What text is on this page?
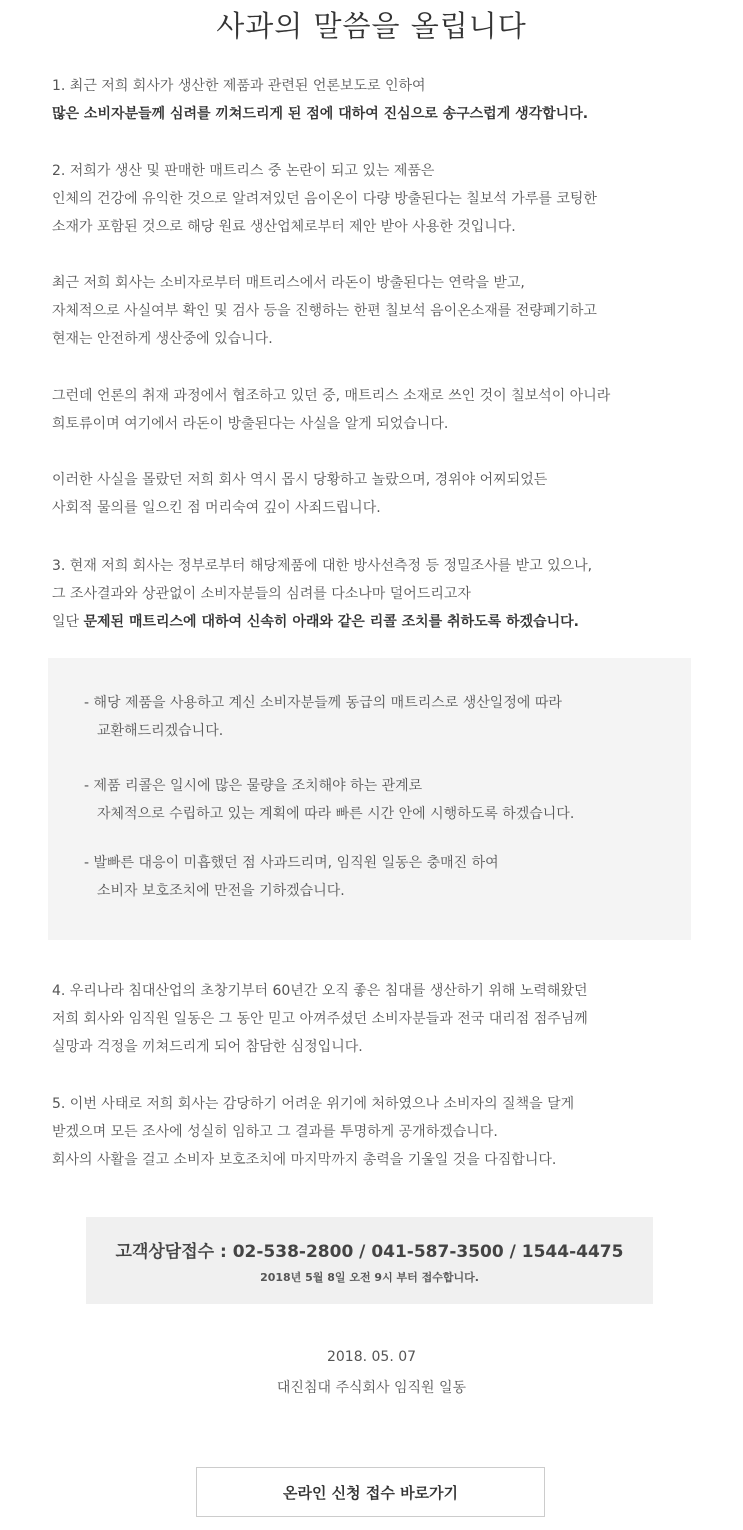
사과의 말씀을 올립니다

1. 최근 저희 회사가 생산한 제품과 관련된 언론보도로 인하여
많은 소비자분들께 심려를 끼쳐드리게 된 점에 대하여 진심으로 송구스럽게 생각합니다.

2. 저희가 생산 및 판매한 매트리스 중 논란이 되고 있는 제품은
인체의 건강에 유익한 것으로 알려져있던 음이온이 다량 방출된다는 칠보석 가루를 코팅한
소재가 포함된 것으로 해당 원료 생산업체로부터 제안 받아 사용한 것입니다.

최근 저희 회사는 소비자로부터 매트리스에서 라돈이 방출된다는 연락을 받고,
자체적으로 사실여부 확인 및 검사 등을 진행하는 한편 칠보석 음이온소재를 전량폐기하고
현재는 안전하게 생산중에 있습니다.

그런데 언론의 취재 과정에서 협조하고 있던 중, 매트리스 소재로 쓰인 것이 칠보석이 아니라
희토류이며 여기에서 라돈이 방출된다는 사실을 알게 되었습니다.

이러한 사실을 몰랐던 저희 회사 역시 몹시 당황하고 놀랐으며, 경위야 어찌되었든
사회적 물의를 일으킨 점 머리숙여 깊이 사죄드립니다.

3. 현재 저희 회사는 정부로부터 해당제품에 대한 방사선측정 등 정밀조사를 받고 있으나,
그 조사결과와 상관없이 소비자분들의 심려를 다소나마 덜어드리고자
일단 문제된 매트리스에 대하여 신속히 아래와 같은 리콜 조치를 취하도록 하겠습니다.

- 해당 제품을 사용하고 계신 소비자분들께 동급의 매트리스로 생산일정에 따라
교환해드리겠습니다.

- 제품 리콜은 일시에 많은 물량을 조치해야 하는 관계로
자체적으로 수립하고 있는 계획에 따라 빠른 시간 안에 시행하도록 하겠습니다.

- 발빠른 대응이 미흡했던 점 사과드리며, 임직원 일동은 충매진 하여
소비자 보호조치에 만전을 기하겠습니다.

4. 우리나라 침대산업의 초창기부터 60년간 오직 좋은 침대를 생산하기 위해 노력해왔던
저희 회사와 임직원 일동은 그 동안 믿고 아껴주셨던 소비자분들과 전국 대리점 점주님께
실망과 걱정을 끼쳐드리게 되어 참담한 심정입니다.

5. 이번 사태로 저희 회사는 감당하기 어려운 위기에 처하였으나 소비자의 질책을 달게
받겠으며 모든 조사에 성실히 임하고 그 결과를 투명하게 공개하겠습니다.
회사의 사활을 걸고 소비자 보호조치에 마지막까지 총력을 기울일 것을 다짐합니다.

고객상담접수 : 02-538-2800 / 041-587-3500 / 1544-4475
2018년 5월 8일 오전 9시 부터 접수합니다.

2018. 05. 07

대진침대 주식회사 임직원 일동

온라인 신청 접수 바로가기
